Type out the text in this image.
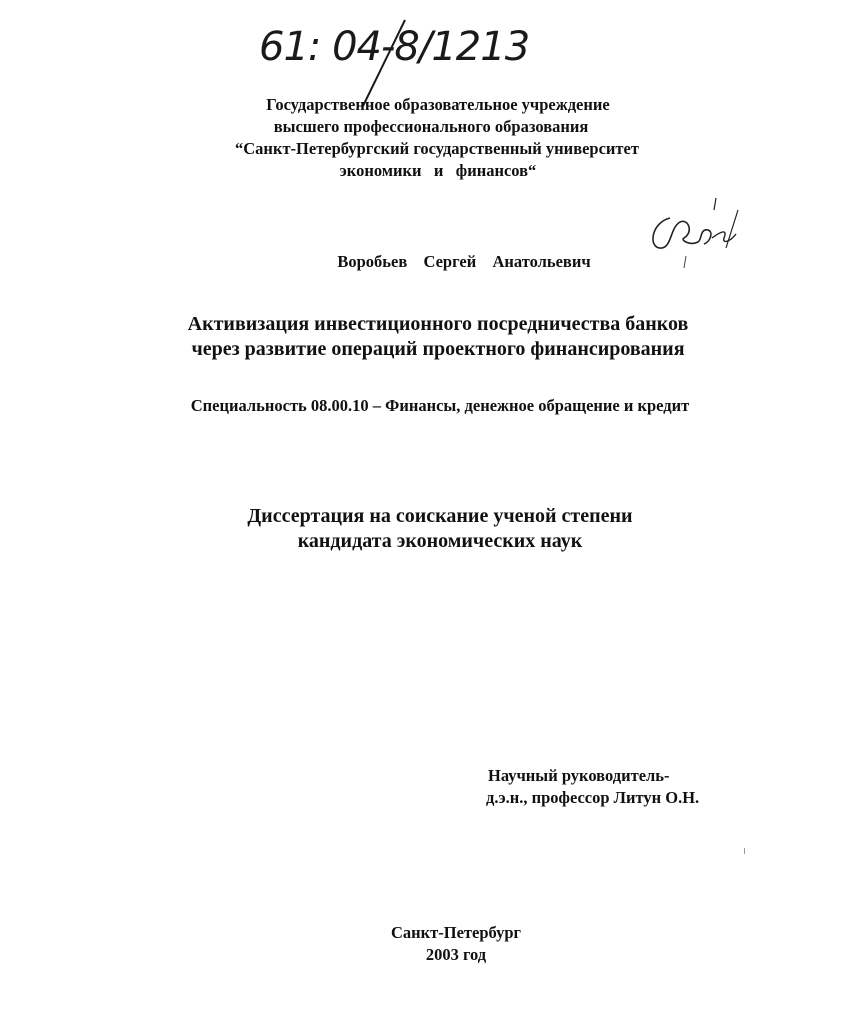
61: 04-8/1213
Государственное образовательное учреждение
высшего профессионального образования
“Санкт-Петербургский государственный университет
экономики   и   финансов“
Воробьев  Сергей  Анатольевич
Активизация инвестиционного посредничества банков
через развитие операций проектного финансирования
Специальность 08.00.10 – Финансы, денежное обращение и кредит
Диссертация на соискание ученой степени
кандидата экономических наук
Научный руководитель-
д.э.н., профессор Литун О.Н.
Санкт-Петербург
2003 год
